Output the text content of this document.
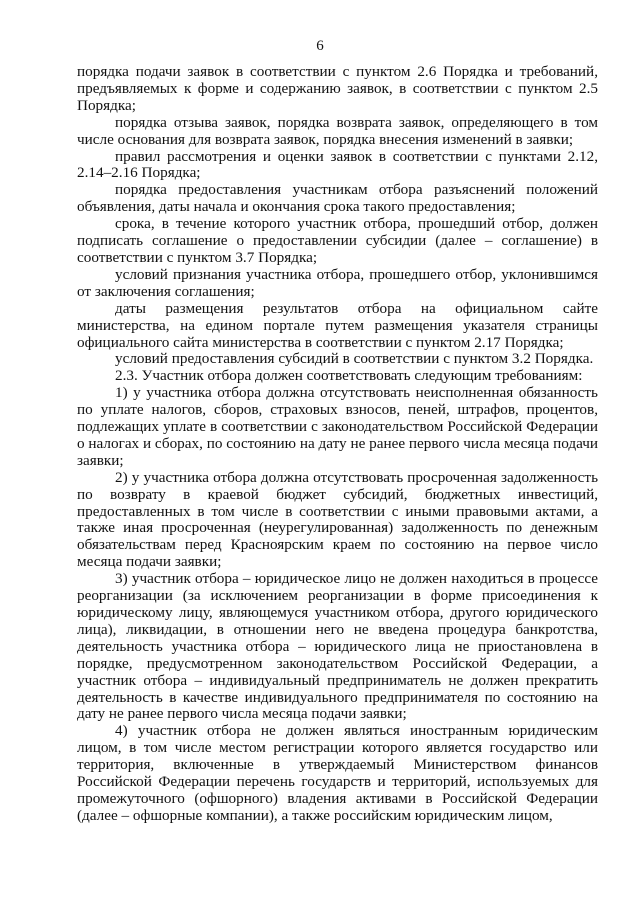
6

порядка подачи заявок в соответствии с пунктом 2.6 Порядка и требований, предъявляемых к форме и содержанию заявок, в соответствии с пунктом 2.5 Порядка;

порядка отзыва заявок, порядка возврата заявок, определяющего в том числе основания для возврата заявок, порядка внесения изменений в заявки;

правил рассмотрения и оценки заявок в соответствии с пунктами 2.12, 2.14–2.16 Порядка;

порядка предоставления участникам отбора разъяснений положений объявления, даты начала и окончания срока такого предоставления;

срока, в течение которого участник отбора, прошедший отбор, должен подписать соглашение о предоставлении субсидии (далее – соглашение) в соответствии с пунктом 3.7 Порядка;

условий признания участника отбора, прошедшего отбор, уклонившимся от заключения соглашения;

даты размещения результатов отбора на официальном сайте министерства, на едином портале путем размещения указателя страницы официального сайта министерства в соответствии с пунктом 2.17 Порядка;

условий предоставления субсидий в соответствии с пунктом 3.2 Порядка.

2.3. Участник отбора должен соответствовать следующим требованиям:

1) у участника отбора должна отсутствовать неисполненная обязанность по уплате налогов, сборов, страховых взносов, пеней, штрафов, процентов, подлежащих уплате в соответствии с законодательством Российской Федерации о налогах и сборах, по состоянию на дату не ранее первого числа месяца подачи заявки;

2) у участника отбора должна отсутствовать просроченная задолженность по возврату в краевой бюджет субсидий, бюджетных инвестиций, предоставленных в том числе в соответствии с иными правовыми актами, а также иная просроченная (неурегулированная) задолженность по денежным обязательствам перед Красноярским краем по состоянию на первое число месяца подачи заявки;

3) участник отбора – юридическое лицо не должен находиться в процессе реорганизации (за исключением реорганизации в форме присоединения к юридическому лицу, являющемуся участником отбора, другого юридического лица), ликвидации, в отношении него не введена процедура банкротства, деятельность участника отбора – юридического лица не приостановлена в порядке, предусмотренном законодательством Российской Федерации, а участник отбора – индивидуальный предприниматель не должен прекратить деятельность в качестве индивидуального предпринимателя по состоянию на дату не ранее первого числа месяца подачи заявки;

4) участник отбора не должен являться иностранным юридическим лицом, в том числе местом регистрации которого является государство или территория, включенные в утверждаемый Министерством финансов Российской Федерации перечень государств и территорий, используемых для промежуточного (офшорного) владения активами в Российской Федерации (далее – офшорные компании), а также российским юридическим лицом,
